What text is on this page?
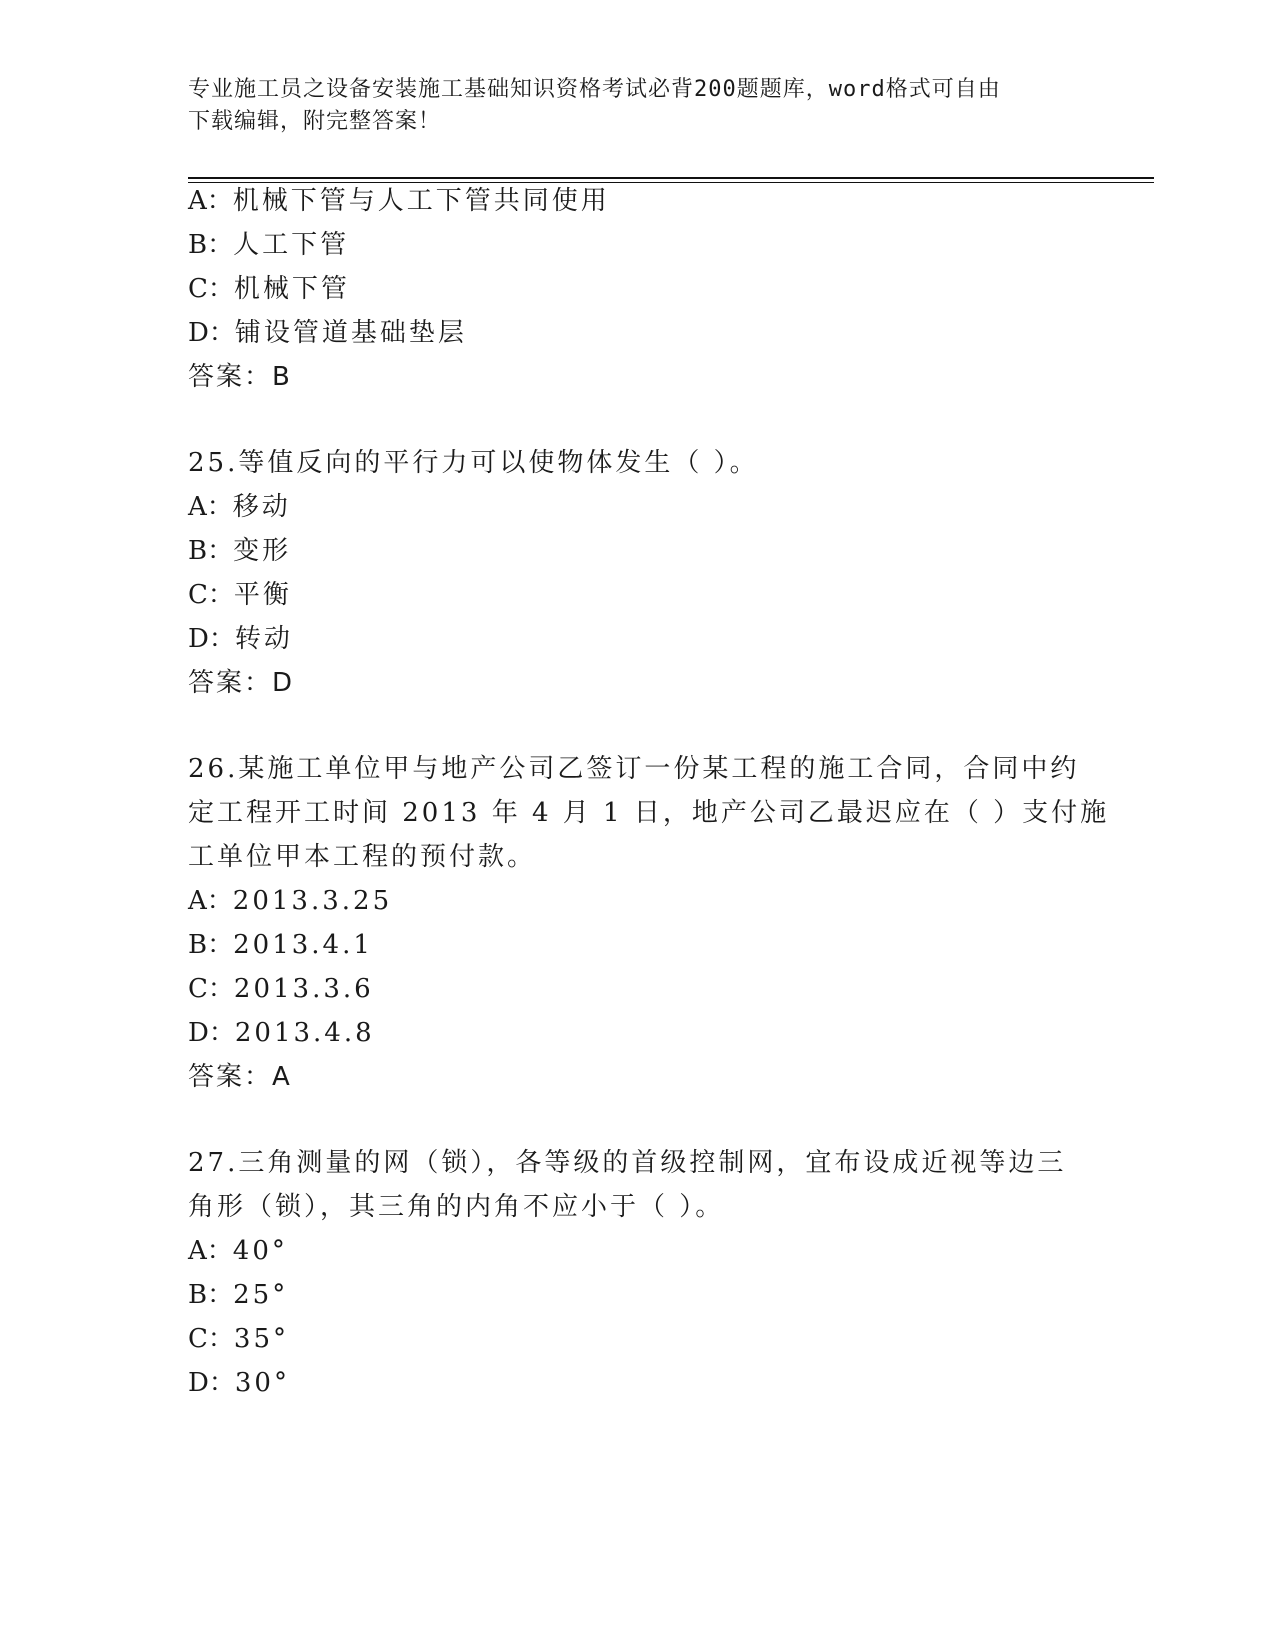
专业施工员之设备安装施工基础知识资格考试必背200题题库，word格式可自由
下载编辑，附完整答案！
A：机械下管与人工下管共同使用
B：人工下管
C：机械下管
D：铺设管道基础垫层
答案：B
25.等值反向的平行力可以使物体发生（ ）。
A：移动
B：变形
C：平衡
D：转动
答案：D
26.某施工单位甲与地产公司乙签订一份某工程的施工合同，合同中约
定工程开工时间 2013 年 4 月 1 日，地产公司乙最迟应在（ ）支付施
工单位甲本工程的预付款。
A：2013.3.25
B：2013.4.1
C：2013.3.6
D：2013.4.8
答案：A
27.三角测量的网（锁），各等级的首级控制网，宜布设成近视等边三
角形（锁），其三角的内角不应小于（ ）。
A：40°
B：25°
C：35°
D：30°
